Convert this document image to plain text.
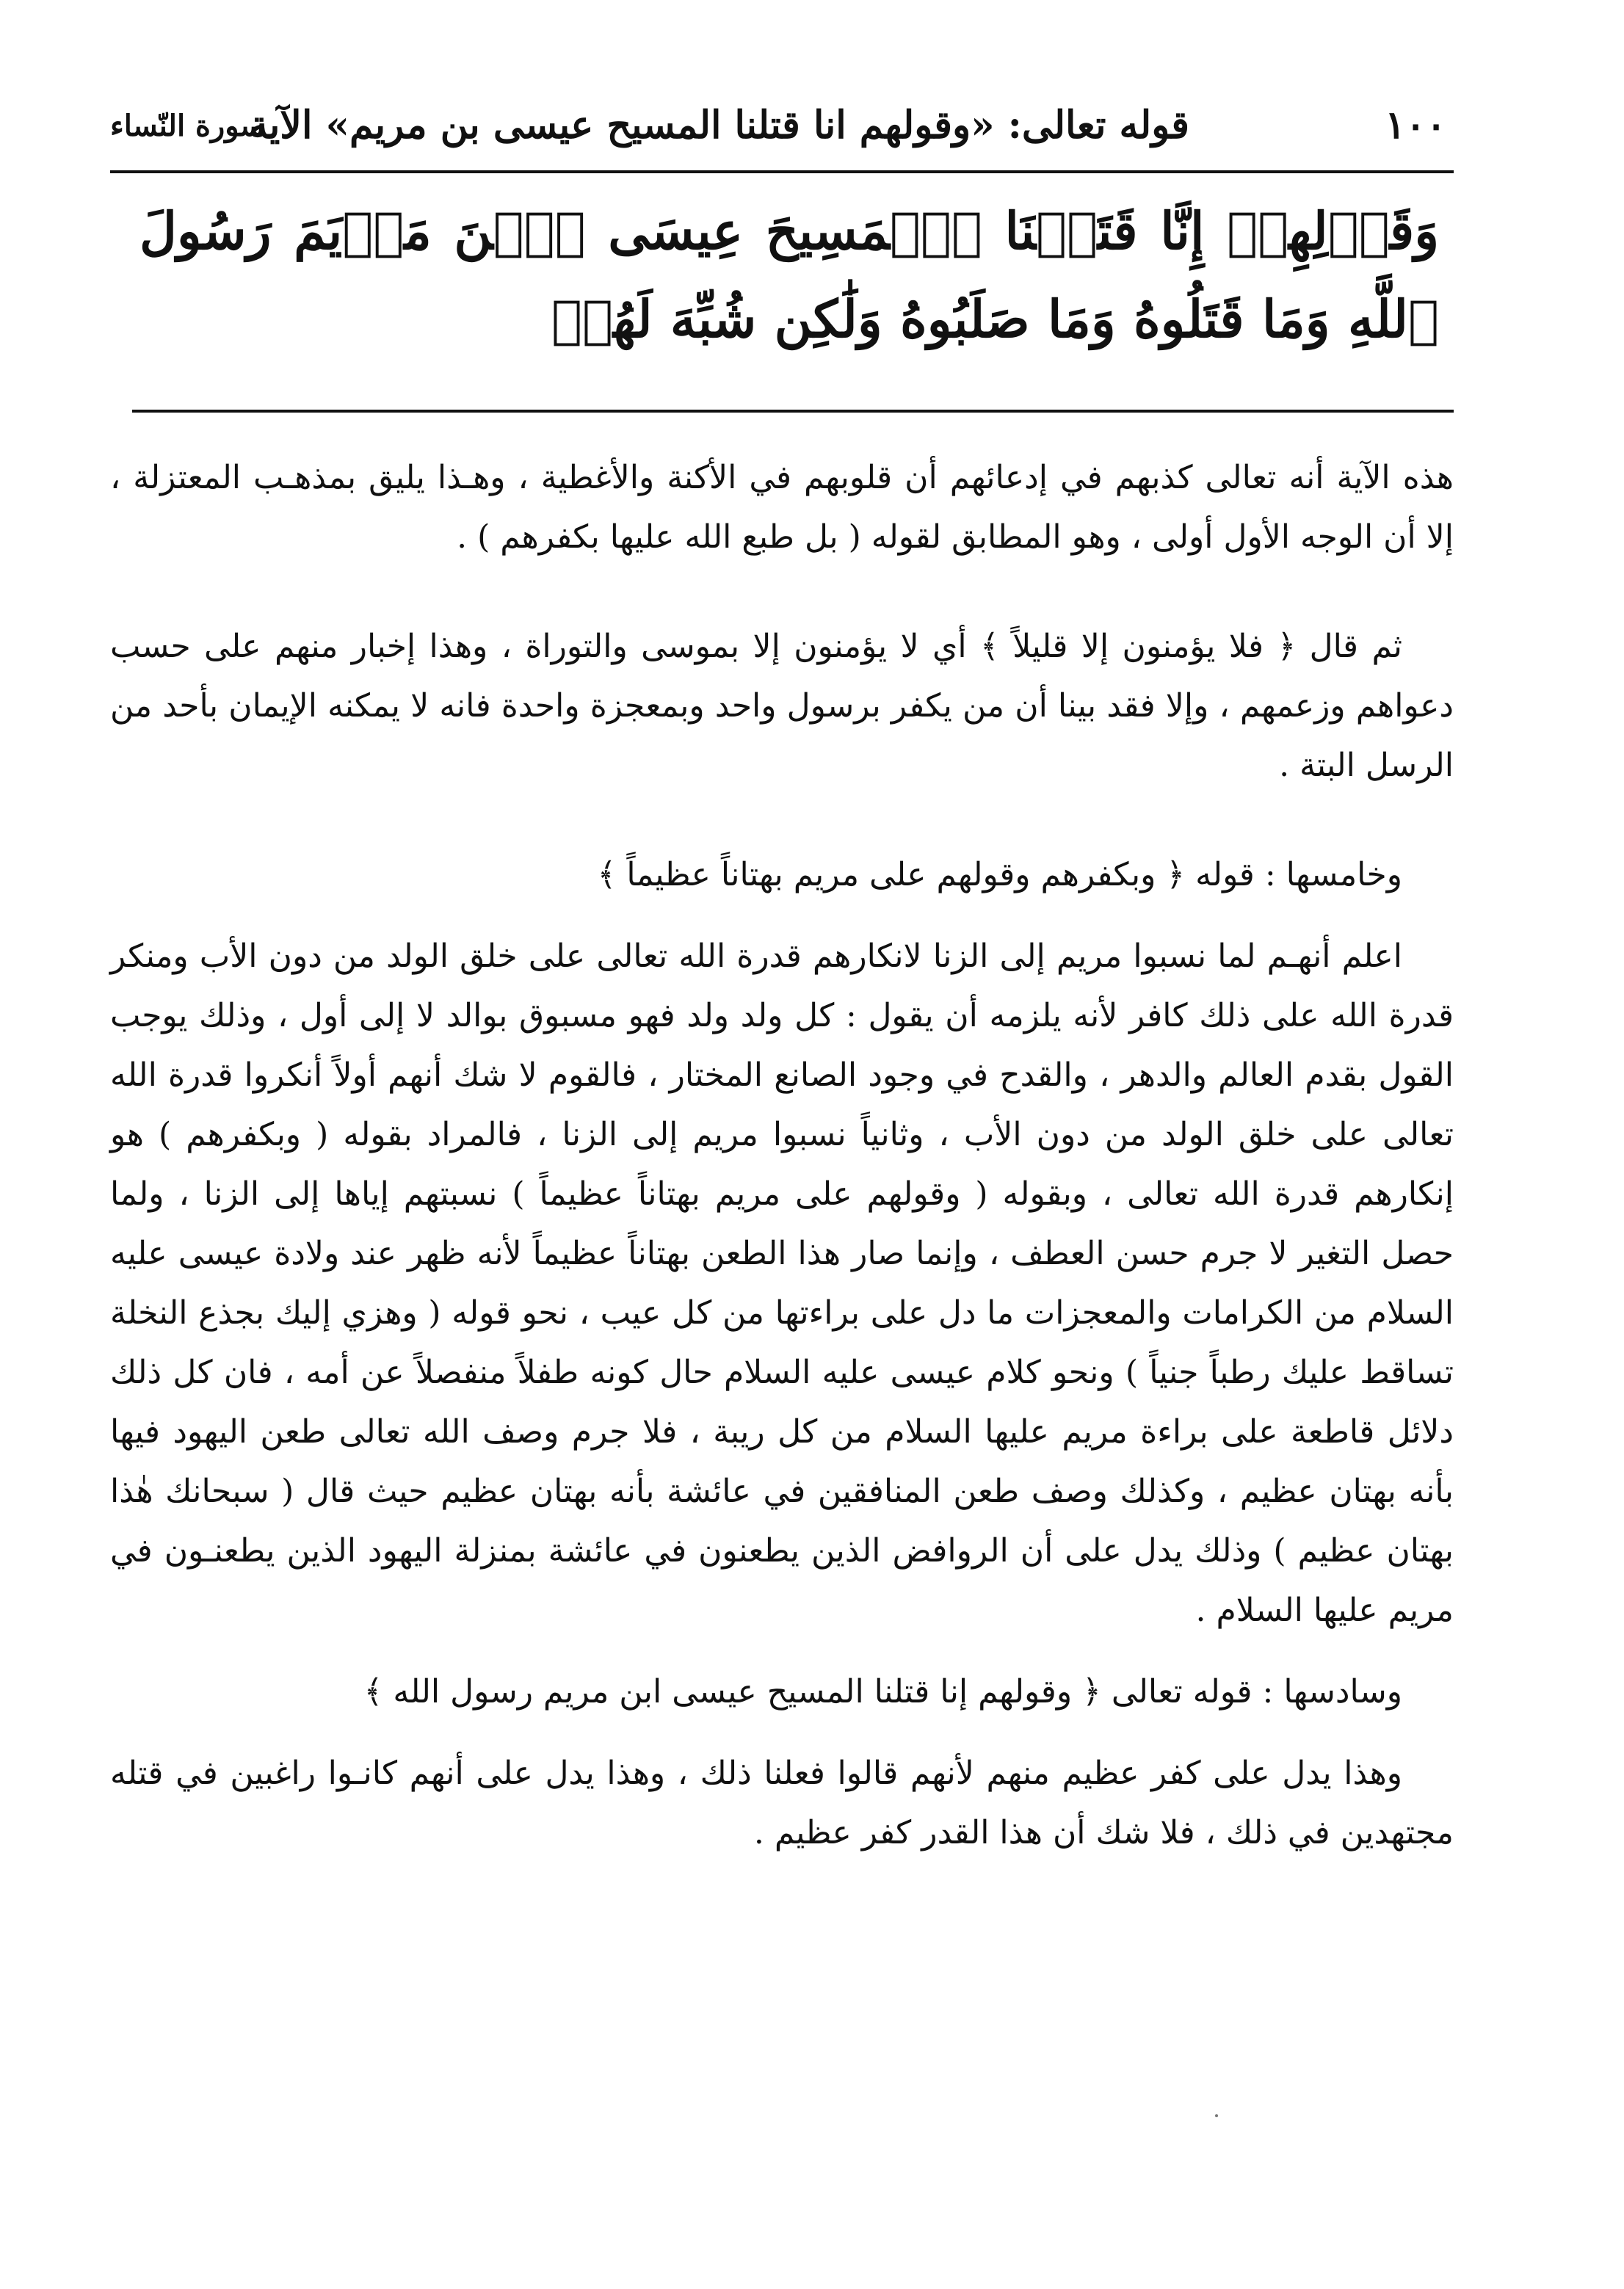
١٠٠
قوله تعالى: «وقولهم انا قتلنا المسيح عيسى بن مريم» الآية
سورة النّساء
وَقَوۡلِهِمۡ إِنَّا قَتَلۡنَا ٱلۡمَسِيحَ عِيسَى ٱبۡنَ مَرۡيَمَ رَسُولَ ٱللَّهِ وَمَا قَتَلُوهُ وَمَا صَلَبُوهُ وَلَٰكِن شُبِّهَ لَهُمۡ

هذه الآية أنه تعالى كذبهم في إدعائهم أن قلوبهم في الأكنة والأغطية ، وهـذا يليق بمذهـب المعتزلة ، إلا أن الوجه الأول أولى ، وهو المطابق لقوله ( بل طبع الله عليها بكفرهم ) .

ثم قال ﴿ فلا يؤمنون إلا قليلاً ﴾ أي لا يؤمنون إلا بموسى والتوراة ، وهذا إخبار منهم على حسب دعواهم وزعمهم ، وإلا فقد بينا أن من يكفر برسول واحد وبمعجزة واحدة فانه لا يمكنه الإيمان بأحد من الرسل البتة .

وخامسها : قوله ﴿ وبكفرهم وقولهم على مريم بهتاناً عظيماً ﴾

اعلم أنهـم لما نسبوا مريم إلى الزنا لانكارهم قدرة الله تعالى على خلق الولد من دون الأب ومنكر قدرة الله على ذلك كافر لأنه يلزمه أن يقول : كل ولد ولد فهو مسبوق بوالد لا إلى أول ، وذلك يوجب القول بقدم العالم والدهر ، والقدح في وجود الصانع المختار ، فالقوم لا شك أنهم أولاً أنكروا قدرة الله تعالى على خلق الولد من دون الأب ، وثانياً نسبوا مريم إلى الزنا ، فالمراد بقوله ( وبكفرهم ) هو إنكارهم قدرة الله تعالى ، وبقوله ( وقولهم على مريم بهتاناً عظيماً ) نسبتهم إياها إلى الزنا ، ولما حصل التغير لا جرم حسن العطف ، وإنما صار هذا الطعن بهتاناً عظيماً لأنه ظهر عند ولادة عيسى عليه السلام من الكرامات والمعجزات ما دل على براءتها من كل عيب ، نحو قوله ( وهزي إليك بجذع النخلة تساقط عليك رطباً جنياً ) ونحو كلام عيسى عليه السلام حال كونه طفلاً منفصلاً عن أمه ، فان كل ذلك دلائل قاطعة على براءة مريم عليها السلام من كل ريبة ، فلا جرم وصف الله تعالى طعن اليهود فيها بأنه بهتان عظيم ، وكذلك وصف طعن المنافقين في عائشة بأنه بهتان عظيم حيث قال ( سبحانك هٰذا بهتان عظيم ) وذلك يدل على أن الروافض الذين يطعنون في عائشة بمنزلة اليهود الذين يطعنـون في مريم عليها السلام .

وسادسها : قوله تعالى ﴿ وقولهم إنا قتلنا المسيح عيسى ابن مريم رسول الله ﴾

وهذا يدل على كفر عظيم منهم لأنهم قالوا فعلنا ذلك ، وهذا يدل على أنهم كانـوا راغبين في قتله مجتهدين في ذلك ، فلا شك أن هذا القدر كفر عظيم .
